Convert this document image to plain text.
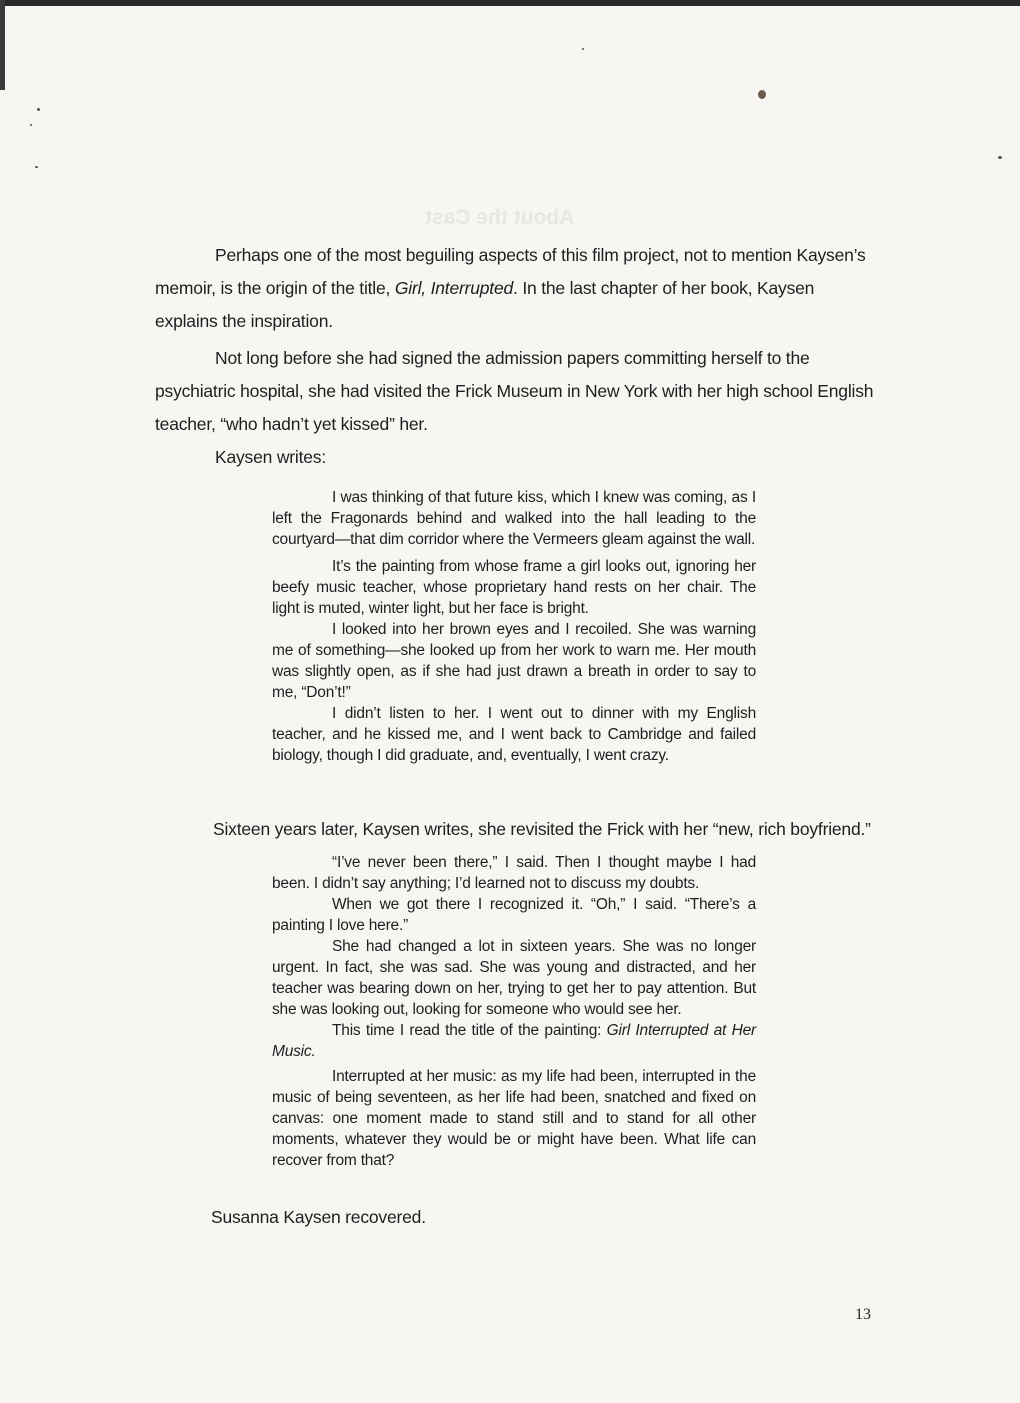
About the Cast

Perhaps one of the most beguiling aspects of this film project, not to mention Kaysen’s memoir, is the origin of the title, Girl, Interrupted. In the last chapter of her book, Kaysen explains the inspiration.

Not long before she had signed the admission papers committing herself to the psychiatric hospital, she had visited the Frick Museum in New York with her high school English teacher, “who hadn’t yet kissed” her.

Kaysen writes:

I was thinking of that future kiss, which I knew was coming, as I left the Fragonards behind and walked into the hall leading to the courtyard—that dim corridor where the Vermeers gleam against the wall.

It’s the painting from whose frame a girl looks out, ignoring her beefy music teacher, whose proprietary hand rests on her chair. The light is muted, winter light, but her face is bright.

I looked into her brown eyes and I recoiled. She was warning me of something—she looked up from her work to warn me. Her mouth was slightly open, as if she had just drawn a breath in order to say to me, “Don’t!”

I didn’t listen to her. I went out to dinner with my English teacher, and he kissed me, and I went back to Cambridge and failed biology, though I did graduate, and, eventually, I went crazy.

Sixteen years later, Kaysen writes, she revisited the Frick with her “new, rich boyfriend.”

“I’ve never been there,” I said. Then I thought maybe I had been. I didn’t say anything; I’d learned not to discuss my doubts.

When we got there I recognized it. “Oh,” I said. “There’s a painting I love here.”

She had changed a lot in sixteen years. She was no longer urgent. In fact, she was sad. She was young and distracted, and her teacher was bearing down on her, trying to get her to pay attention. But she was looking out, looking for someone who would see her.

This time I read the title of the painting: Girl Interrupted at Her Music.

Interrupted at her music: as my life had been, interrupted in the music of being seventeen, as her life had been, snatched and fixed on canvas: one moment made to stand still and to stand for all other moments, whatever they would be or might have been. What life can recover from that?

Susanna Kaysen recovered.
13
